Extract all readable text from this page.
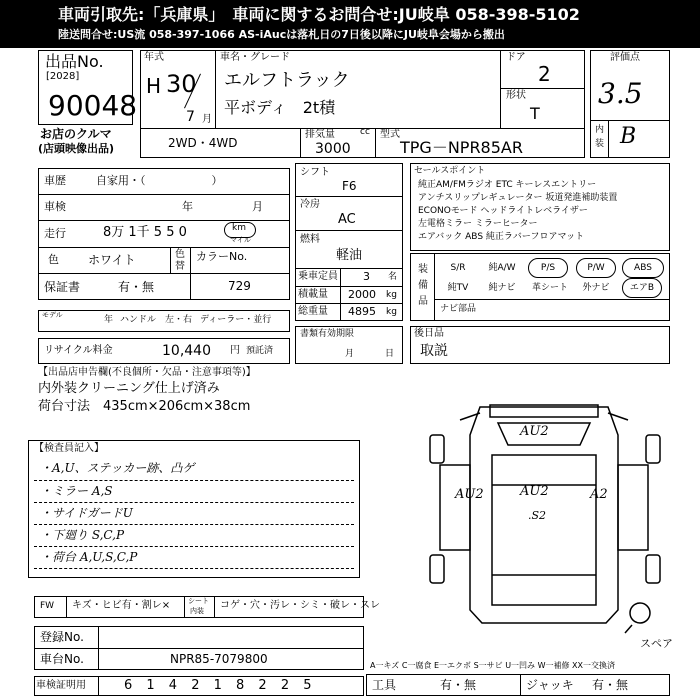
車両引取先:「兵庫県」　車両に関するお問合せ:JU岐阜 058-398-5102
陸送問合せ:US流 058-397-1066 AS-iAucは落札日の7日後以降にJU岐阜会場から搬出
出品No.
[2028]
90048
お店のクルマ
(店頭映像出品)
年式
H 30
7 月
車名・グレード
エルフトラック
平ボディ　2t積
ドア
2
形状
T
2WD・4WD
排気量	cc
3000
型式
TPG－NPR85AR
評価点
3.5
内
装 B
車歴	自家用・（　　　　　　）
車検	年	月
走行	8万 1千 5 5 0	km
マイル
色 ホワイト	色
替
カラーNo.
保証書	有・無	729
モデル	年 ハンドル　左・右 ディーラー・並行
リサイクル料金	10,440 円 預託済
シフト
F6
冷房
AC
燃料
軽油
乗車定員 3 名
積載量 2000 kg
総重量 4895 kg
書類有効期限
月	日
セールスポイント
純正AM/FMラジオ ETC キーレスエントリー
アンチスリップレギュレーター 坂道発進補助装置
ECONOモード ヘッドライトレベライザー
左電格ミラー ミラーヒーター
エアバック ABS 純正ラバーフロアマット
装
備
品
S/R	純A/W	P/S	P/W	ABS
純TV	純ナビ	革シート	外ナビ	エアB
ナビ部品
後日品
取説
【出品店申告欄(不良個所・欠品・注意事項等)】
内外装クリーニング仕上げ済み
荷台寸法　435cm×206cm×38cm
【検査員記入】
・A,U、ステッカー跡、凸ゲ
・ミラー A,S
・サイドガードU
・下廻り S,C,P
・荷台 A,U,S,C,P
AU2
AU2	AU2
.S2
A2
スペア
FW キズ・ヒビ有・割レ×	シート
内装 コゲ・穴・汚レ・シミ・破レ・スレ
登録No.
車台No.	NPR85-7079800
車検証明用	6 1 4 2 1 8 2 2 5
A一キズ C一腐食 E一エクボ S一サビ U一凹み W一補修 XX一交換済
工具	有・無	ジャッキ 有・無
